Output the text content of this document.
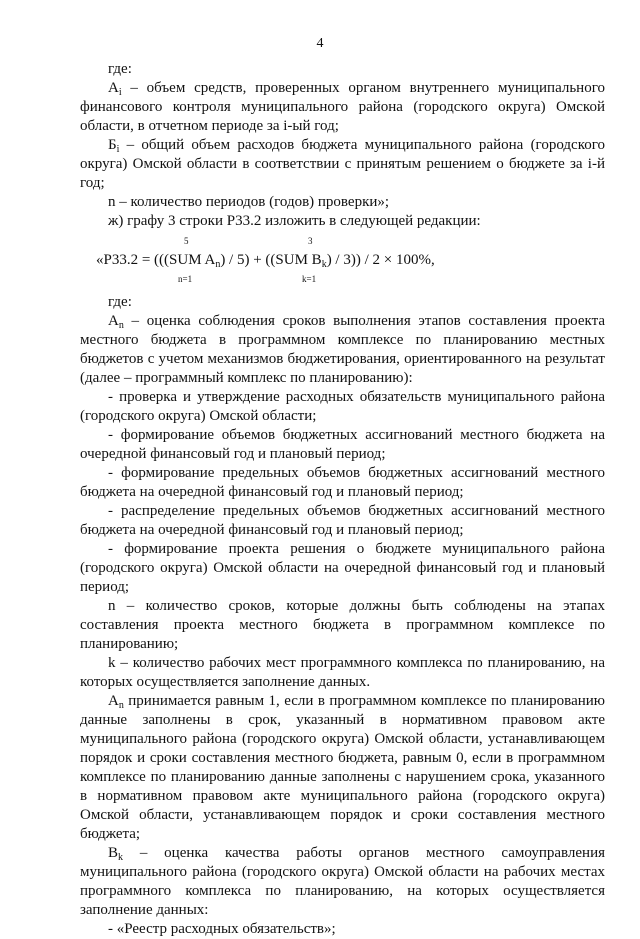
4

где:

$A_i$ – объем средств, проверенных органом внутреннего муниципального финансового контроля муниципального района (городского округа) Омской области, в отчетном периоде за i-ый год;

$Б_i$ – общий объем расходов бюджета муниципального района (городского округа) Омской области в соответствии с принятым решением о бюджете за i-й год;

n – количество периодов (годов) проверки»;

ж) графу 3 строки Р33.2 изложить в следующей редакции:

«Р33.2 = (((SUM $A_n) / 5) + ((SUM$ $B_k) / 3)) / 2 \times 100\%$,
5
n=1
3
k=1

где:

$A_n$ – оценка соблюдения сроков выполнения этапов составления проекта местного бюджета в программном комплексе по планированию местных бюджетов с учетом механизмов бюджетирования, ориентированного на результат (далее – программный комплекс по планированию):

- проверка и утверждение расходных обязательств муниципального района (городского округа) Омской области;

- формирование объемов бюджетных ассигнований местного бюджета на очередной финансовый год и плановый период;

- формирование предельных объемов бюджетных ассигнований местного бюджета на очередной финансовый год и плановый период;

- распределение предельных объемов бюджетных ассигнований местного бюджета на очередной финансовый год и плановый период;

- формирование проекта решения о бюджете муниципального района (городского округа) Омской области на очередной финансовый год и плановый период;

n – количество сроков, которые должны быть соблюдены на этапах составления проекта местного бюджета в программном комплексе по планированию;

k – количество рабочих мест программного комплекса по планированию, на которых осуществляется заполнение данных.

$A_n$ принимается равным 1, если в программном комплексе по планированию данные заполнены в срок, указанный в нормативном правовом акте муниципального района (городского округа) Омской области, устанавливающем порядок и сроки составления местного бюджета, равным 0, если в программном комплексе по планированию данные заполнены с нарушением срока, указанного в нормативном правовом акте муниципального района (городского округа) Омской области, устанавливающем порядок и сроки составления местного бюджета;

$B_k$ – оценка качества работы органов местного самоуправления муниципального района (городского округа) Омской области на рабочих местах программного комплекса по планированию, на которых осуществляется заполнение данных:

- «Реестр расходных обязательств»;
